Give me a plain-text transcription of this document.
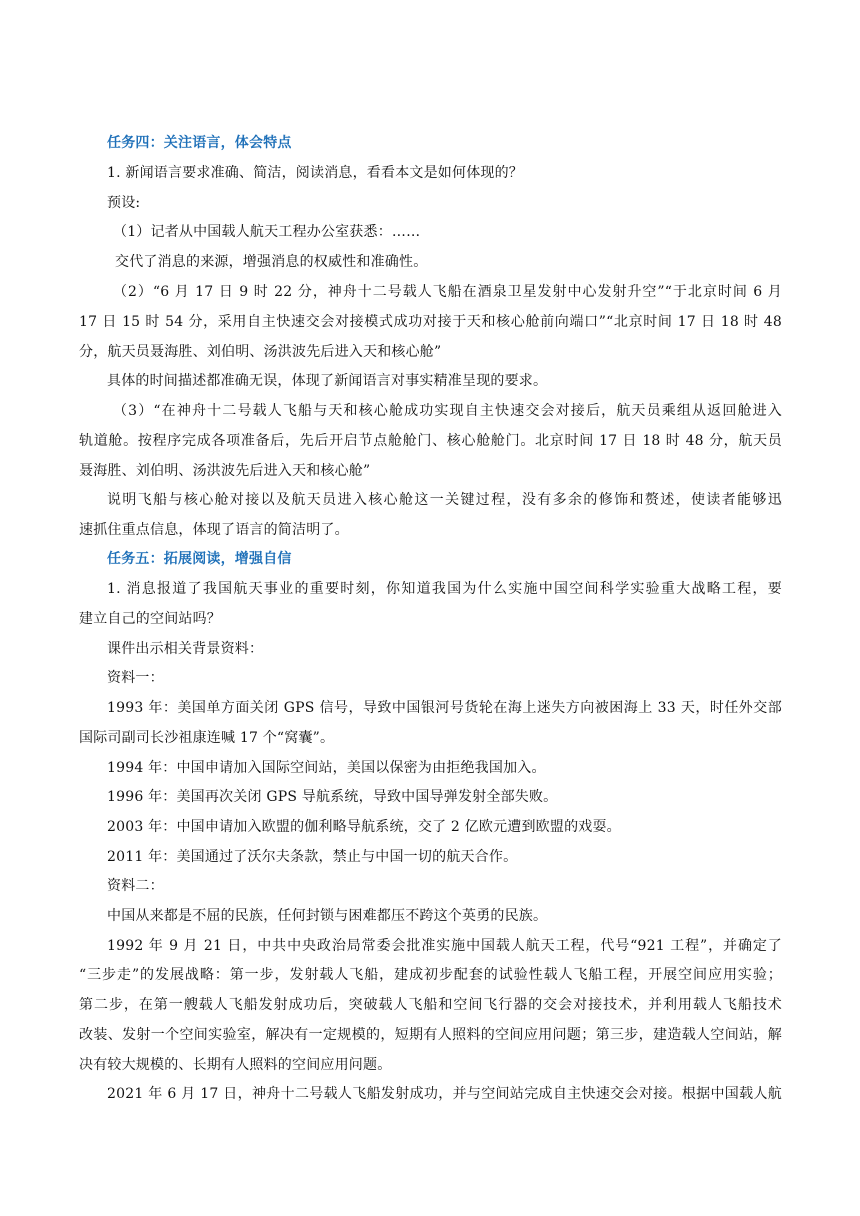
任务四：关注语言，体会特点
1. 新闻语言要求准确、简洁，阅读消息，看看本文是如何体现的？
预设:
（1）记者从中国载人航天工程办公室获悉：……
交代了消息的来源，增强消息的权威性和准确性。
（2）“6 月 17 日 9 时 22 分，神舟十二号载人飞船在酒泉卫星发射中心发射升空”“于北京时间 6 月
17 日 15 时 54 分，采用自主快速交会对接模式成功对接于天和核心舱前向端口”“北京时间 17 日 18 时 48
分，航天员聂海胜、刘伯明、汤洪波先后进入天和核心舱”
具体的时间描述都准确无误，体现了新闻语言对事实精准呈现的要求。
（3）“在神舟十二号载人飞船与天和核心舱成功实现自主快速交会对接后，航天员乘组从返回舱进入
轨道舱。按程序完成各项准备后，先后开启节点舱舱门、核心舱舱门。北京时间 17 日 18 时 48 分，航天员
聂海胜、刘伯明、汤洪波先后进入天和核心舱”
说明飞船与核心舱对接以及航天员进入核心舱这一关键过程，没有多余的修饰和赘述，使读者能够迅
速抓住重点信息，体现了语言的简洁明了。
任务五：拓展阅读，增强自信
1. 消息报道了我国航天事业的重要时刻，你知道我国为什么实施中国空间科学实验重大战略工程，要
建立自己的空间站吗？
课件出示相关背景资料：
资料一：
1993 年：美国单方面关闭 GPS 信号，导致中国银河号货轮在海上迷失方向被困海上 33 天，时任外交部
国际司副司长沙祖康连喊 17 个“窝囊”。
1994 年：中国申请加入国际空间站，美国以保密为由拒绝我国加入。
1996 年：美国再次关闭 GPS 导航系统，导致中国导弹发射全部失败。
2003 年：中国申请加入欧盟的伽利略导航系统，交了 2 亿欧元遭到欧盟的戏耍。
2011 年：美国通过了沃尔夫条款，禁止与中国一切的航天合作。
资料二：
中国从来都是不屈的民族，任何封锁与困难都压不跨这个英勇的民族。
1992 年 9 月 21 日，中共中央政治局常委会批准实施中国载人航天工程，代号“921 工程”，并确定了
“三步走”的发展战略：第一步，发射载人飞船，建成初步配套的试验性载人飞船工程，开展空间应用实验；
第二步，在第一艘载人飞船发射成功后，突破载人飞船和空间飞行器的交会对接技术，并利用载人飞船技术
改装、发射一个空间实验室，解决有一定规模的，短期有人照料的空间应用问题；第三步，建造载人空间站，解
决有较大规模的、长期有人照料的空间应用问题。
2021 年 6 月 17 日，神舟十二号载人飞船发射成功，并与空间站完成自主快速交会对接。根据中国载人航
